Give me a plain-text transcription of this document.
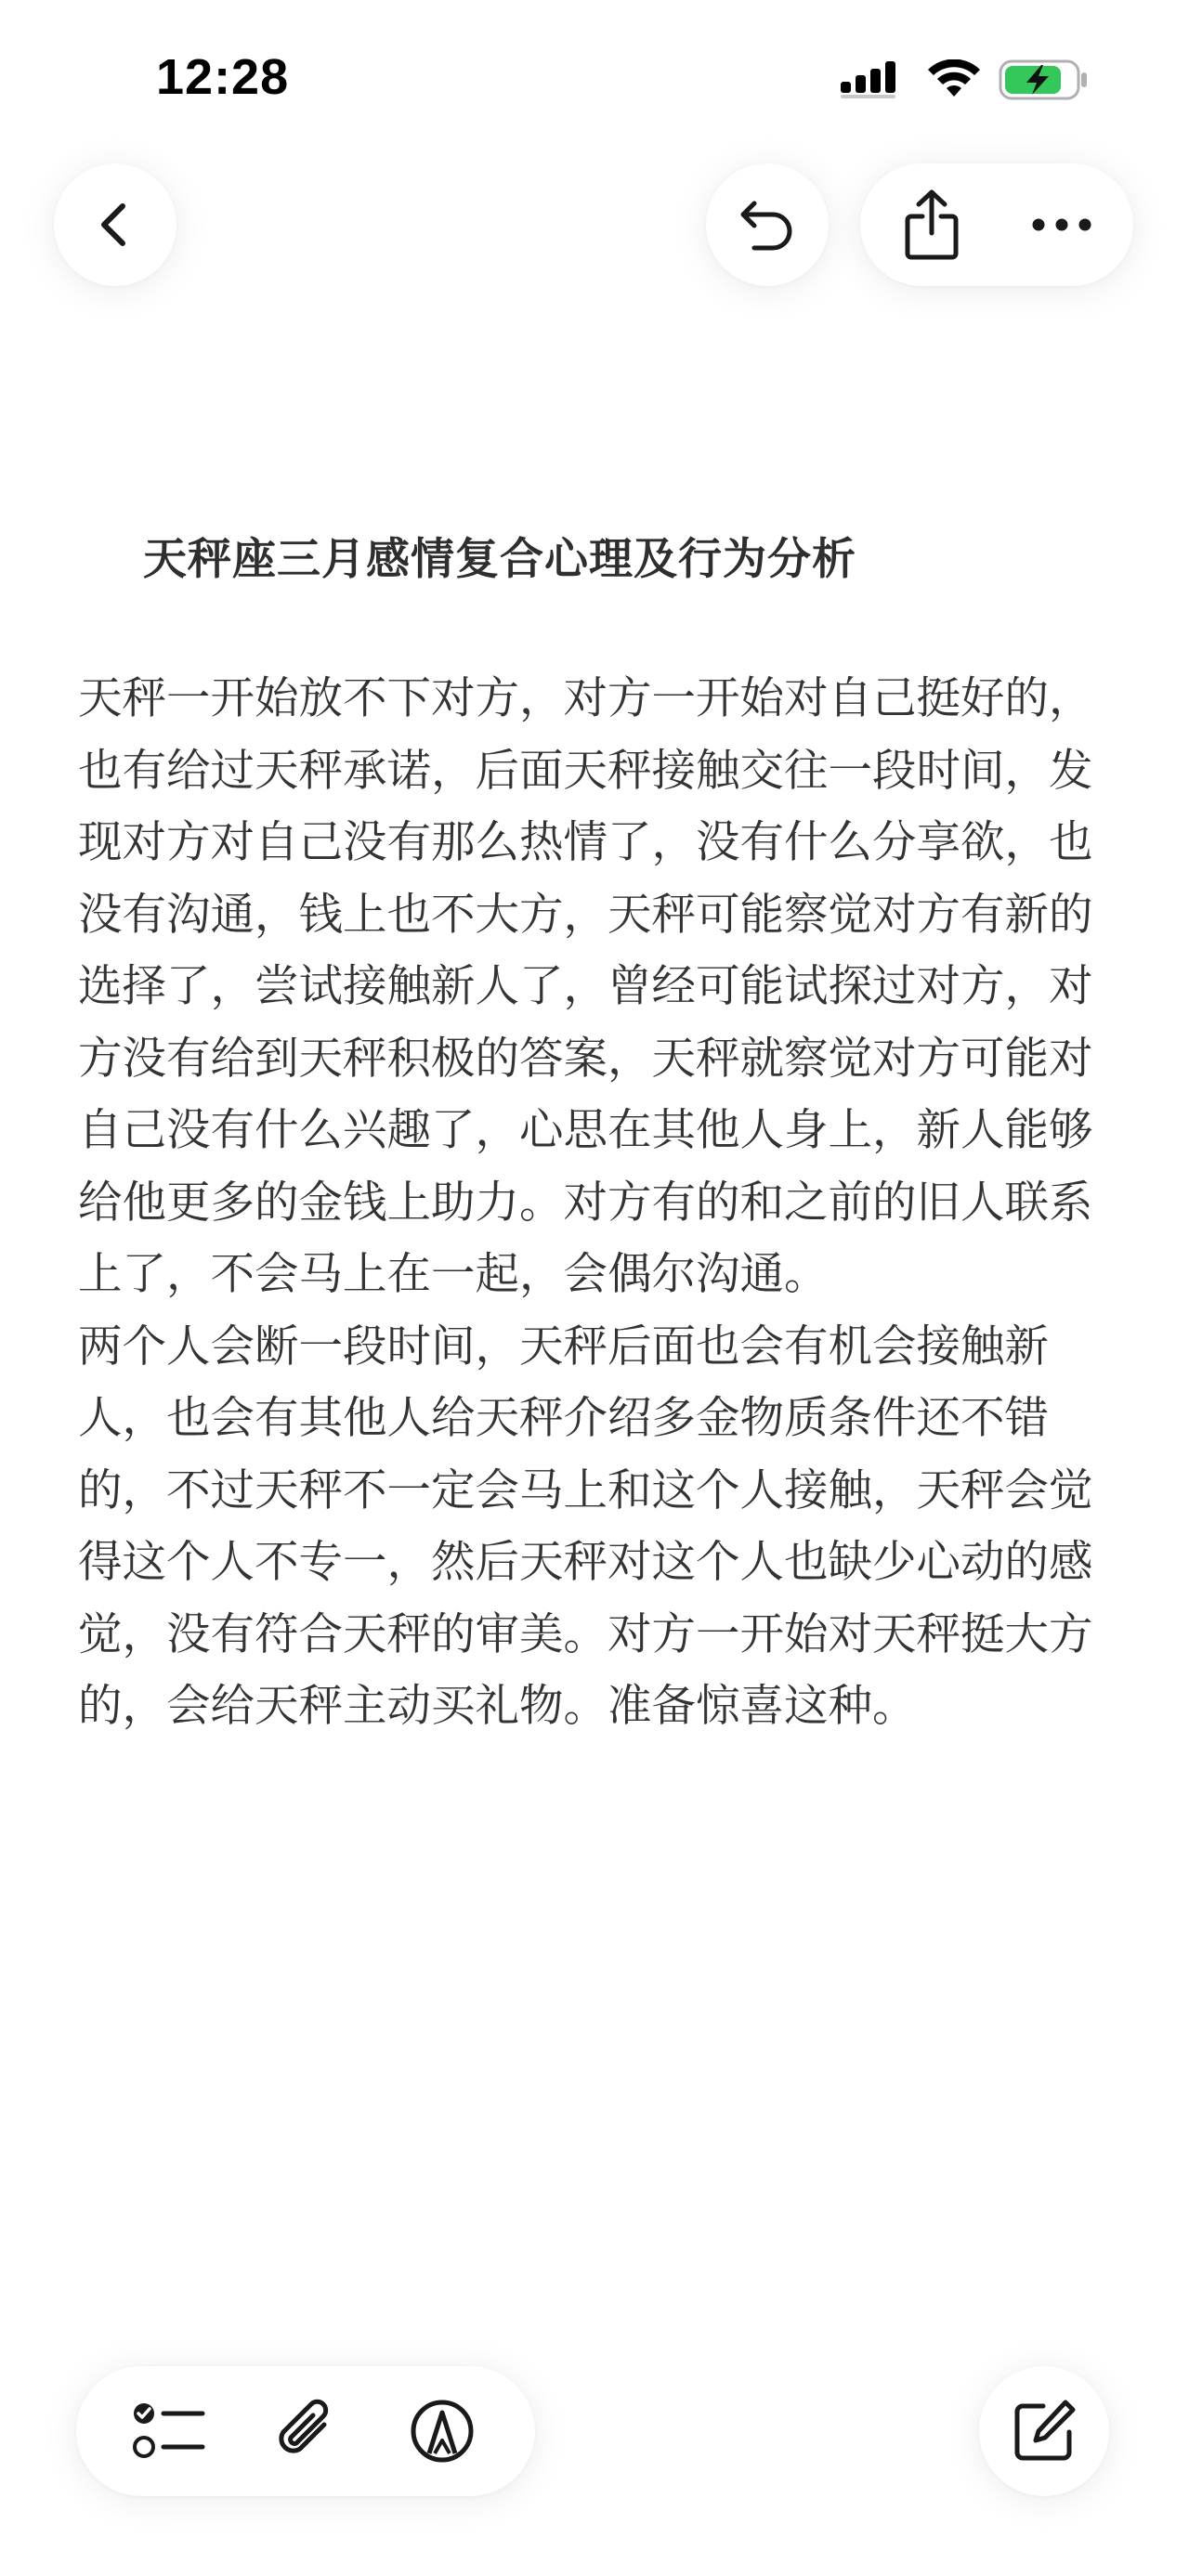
12:28
天秤座三月感情复合心理及行为分析

天秤一开始放不下对方，对方一开始对自己挺好的，也有给过天秤承诺，后面天秤接触交往一段时间，发现对方对自己没有那么热情了，没有什么分享欲，也没有沟通，钱上也不大方，天秤可能察觉对方有新的选择了，尝试接触新人了，曾经可能试探过对方，对方没有给到天秤积极的答案，天秤就察觉对方可能对自己没有什么兴趣了，心思在其他人身上，新人能够给他更多的金钱上助力。对方有的和之前的旧人联系上了，不会马上在一起，会偶尔沟通。

两个人会断一段时间，天秤后面也会有机会接触新人，也会有其他人给天秤介绍多金物质条件还不错的，不过天秤不一定会马上和这个人接触，天秤会觉得这个人不专一，然后天秤对这个人也缺少心动的感觉，没有符合天秤的审美。对方一开始对天秤挺大方的，会给天秤主动买礼物。准备惊喜这种。
